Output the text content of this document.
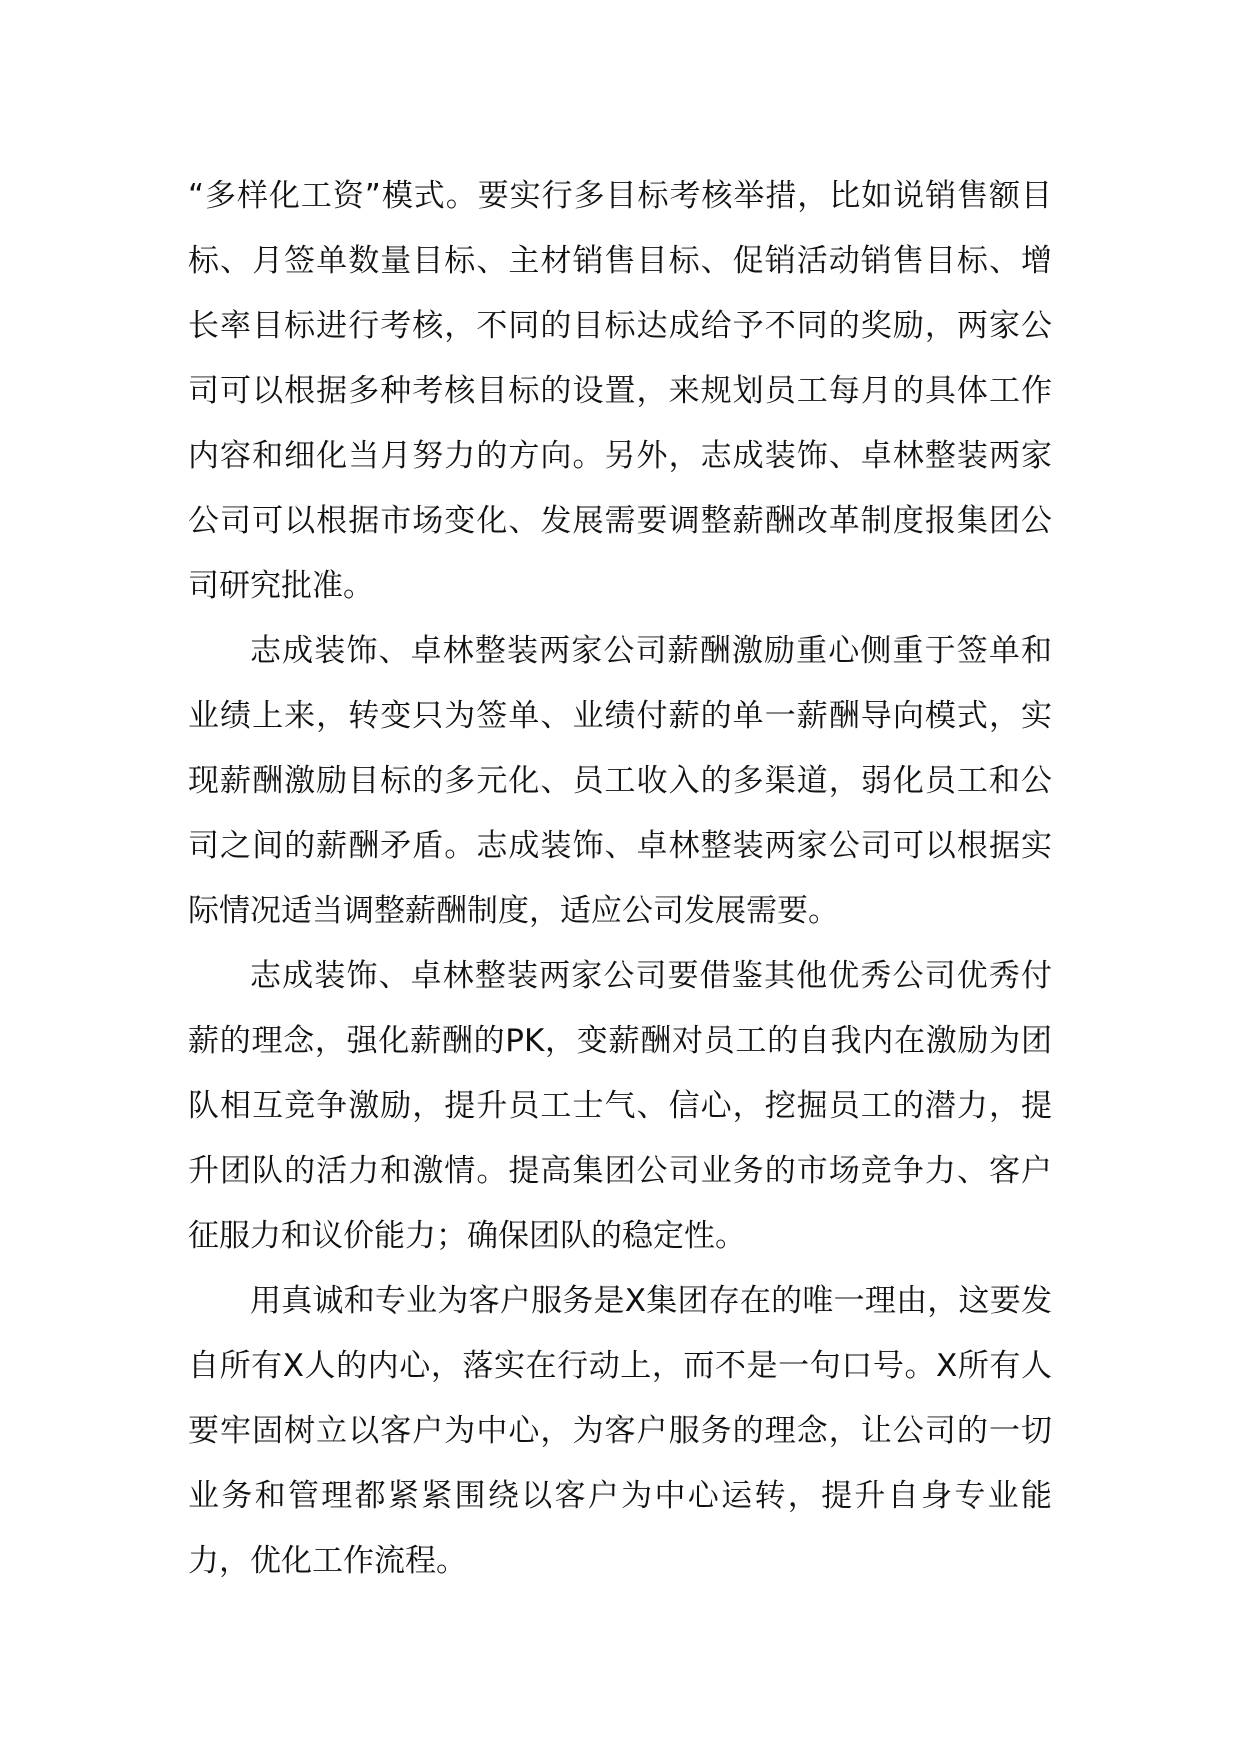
“多样化工资”模式。要实行多目标考核举措，比如说销售额目标、月签单数量目标、主材销售目标、促销活动销售目标、增长率目标进行考核，不同的目标达成给予不同的奖励，两家公司可以根据多种考核目标的设置，来规划员工每月的具体工作内容和细化当月努力的方向。另外，志成装饰、卓林整装两家公司可以根据市场变化、发展需要调整薪酬改革制度报集团公司研究批准。

志成装饰、卓林整装两家公司薪酬激励重心侧重于签单和业绩上来，转变只为签单、业绩付薪的单一薪酬导向模式，实现薪酬激励目标的多元化、员工收入的多渠道，弱化员工和公司之间的薪酬矛盾。志成装饰、卓林整装两家公司可以根据实际情况适当调整薪酬制度，适应公司发展需要。

志成装饰、卓林整装两家公司要借鉴其他优秀公司优秀付薪的理念，强化薪酬的PK，变薪酬对员工的自我内在激励为团队相互竞争激励，提升员工士气、信心，挖掘员工的潜力，提升团队的活力和激情。提高集团公司业务的市场竞争力、客户征服力和议价能力；确保团队的稳定性。

用真诚和专业为客户服务是X集团存在的唯一理由，这要发自所有X人的内心，落实在行动上，而不是一句口号。X所有人要牢固树立以客户为中心，为客户服务的理念，让公司的一切业务和管理都紧紧围绕以客户为中心运转，提升自身专业能力，优化工作流程。
